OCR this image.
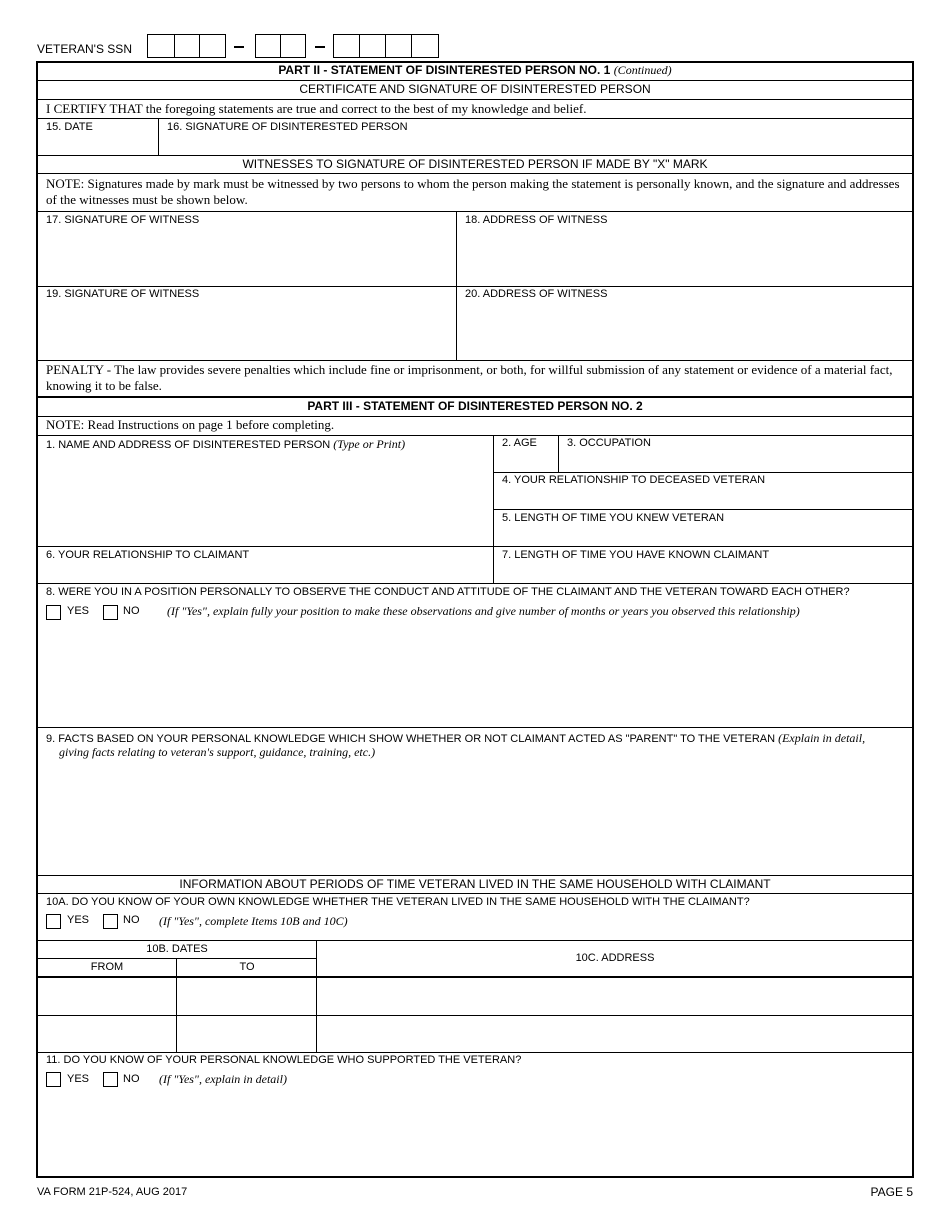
VETERAN'S SSN
PART II - STATEMENT OF DISINTERESTED PERSON NO. 1 (Continued)
CERTIFICATE AND SIGNATURE OF DISINTERESTED PERSON
I CERTIFY THAT the foregoing statements are true and correct to the best of my knowledge and belief.
15. DATE	16. SIGNATURE OF DISINTERESTED PERSON
WITNESSES TO SIGNATURE OF DISINTERESTED PERSON IF MADE BY "X" MARK
NOTE: Signatures made by mark must be witnessed by two persons to whom the person making the statement is personally known, and the signature and addresses of the witnesses must be shown below.
17. SIGNATURE OF WITNESS	18. ADDRESS OF WITNESS
19. SIGNATURE OF WITNESS	20. ADDRESS OF WITNESS
PENALTY - The law provides severe penalties which include fine or imprisonment, or both, for willful submission of any statement or evidence of a material fact, knowing it to be false.
PART III - STATEMENT OF DISINTERESTED PERSON NO. 2
NOTE: Read Instructions on page 1 before completing.
1. NAME AND ADDRESS OF DISINTERESTED PERSON (Type or Print)	2. AGE	3. OCCUPATION
4. YOUR RELATIONSHIP TO DECEASED VETERAN
5. LENGTH OF TIME YOU KNEW VETERAN
6. YOUR RELATIONSHIP TO CLAIMANT	7. LENGTH OF TIME YOU HAVE KNOWN CLAIMANT
8. WERE YOU IN A POSITION PERSONALLY TO OBSERVE THE CONDUCT AND ATTITUDE OF THE CLAIMANT AND THE VETERAN TOWARD EACH OTHER?
YES	NO (If "Yes", explain fully your position to make these observations and give number of months or years you observed this relationship)
9. FACTS BASED ON YOUR PERSONAL KNOWLEDGE WHICH SHOW WHETHER OR NOT CLAIMANT ACTED AS "PARENT" TO THE VETERAN (Explain in detail,
giving facts relating to veteran's support, guidance, training, etc.)
INFORMATION ABOUT PERIODS OF TIME VETERAN LIVED IN THE SAME HOUSEHOLD WITH CLAIMANT
10A. DO YOU KNOW OF YOUR OWN KNOWLEDGE WHETHER THE VETERAN LIVED IN THE SAME HOUSEHOLD WITH THE CLAIMANT?
YES	NO (If "Yes", complete Items 10B and 10C)
10B. DATES
FROM	TO
10C. ADDRESS
11. DO YOU KNOW OF YOUR PERSONAL KNOWLEDGE WHO SUPPORTED THE VETERAN?
YES	NO (If "Yes", explain in detail)
VA FORM 21P-524, AUG 2017	PAGE 5
